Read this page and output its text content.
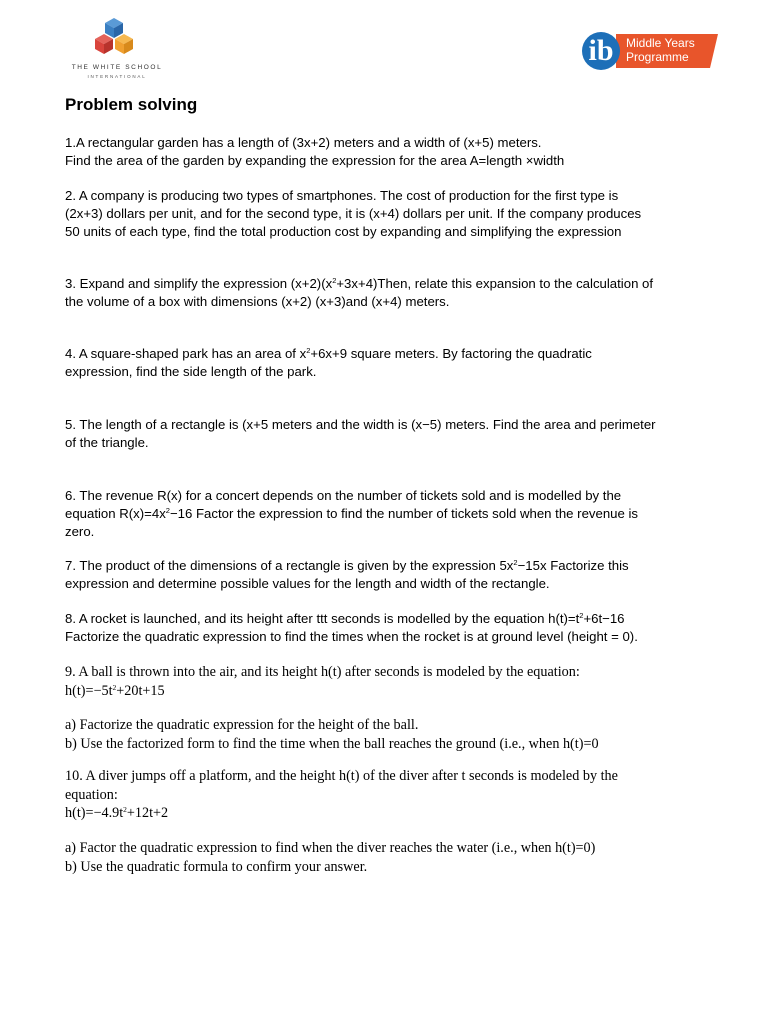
THE WHITE SCHOOL
INTERNATIONAL
Middle Years
Programme
ib
Problem solving
1.A rectangular garden has a length of (3x+2) meters and a width of (x+5) meters.
Find the area of the garden by expanding the expression for the area A=length ×width
2. A company is producing two types of smartphones. The cost of production for the first type is
(2x+3) dollars per unit, and for the second type, it is (x+4) dollars per unit. If the company produces
50 units of each type, find the total production cost by expanding and simplifying the expression
3. Expand and simplify the expression $(x+2)(x^2+3x+4)Then$, relate this expansion to the calculation of
the volume of a box with dimensions (x+2) (x+3)and (x+4) meters.
4. A square-shaped park has an area of $x^2+6x+9$ square meters. By factoring the quadratic
expression, find the side length of the park.
5. The length of a rectangle is (x+5 meters and the width is (x−5) meters. Find the area and perimeter
of the triangle.
6. The revenue R(x) for a concert depends on the number of tickets sold and is modelled by the
equation $R(x)=4x^2-16$ Factor the expression to find the number of tickets sold when the revenue is
zero.
7. The product of the dimensions of a rectangle is given by the expression $5x^2-15x$ Factorize this
expression and determine possible values for the length and width of the rectangle.
8. A rocket is launched, and its height after ttt seconds is modelled by the equation $h(t)=t^2+6t-16$
Factorize the quadratic expression to find the times when the rocket is at ground level (height = 0).
9. A ball is thrown into the air, and its height h(t) after seconds is modeled by the equation:
$h(t)=-5t^2+20t+15$
a) Factorize the quadratic expression for the height of the ball.
b) Use the factorized form to find the time when the ball reaches the ground (i.e., when h(t)=0
10. A diver jumps off a platform, and the height h(t) of the diver after t seconds is modeled by the
equation:
$h(t)=-4.9t^2+12t+2$
a) Factor the quadratic expression to find when the diver reaches the water (i.e., when h(t)=0)
b) Use the quadratic formula to confirm your answer.
